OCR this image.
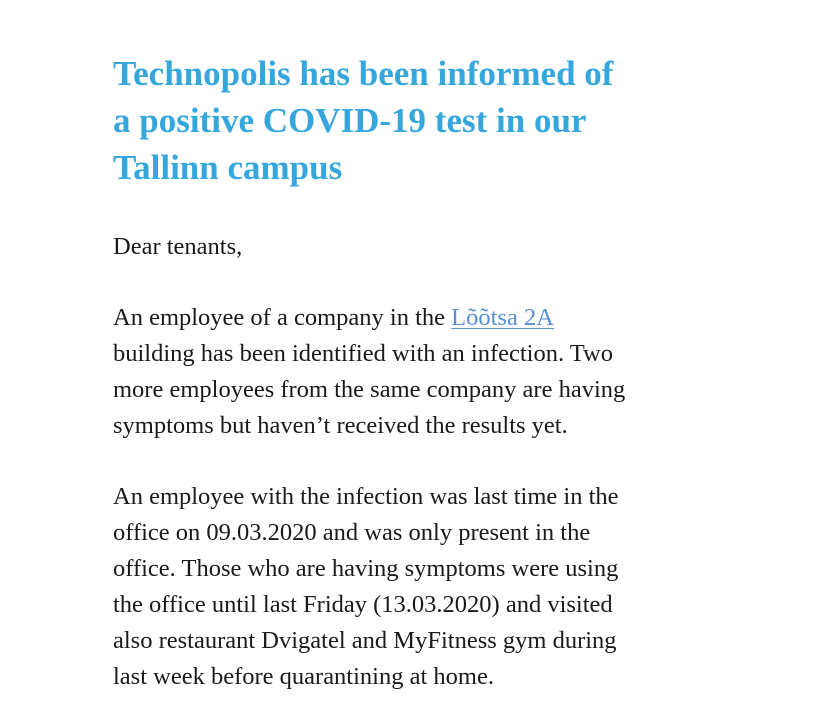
Technopolis has been informed of
a positive COVID-19 test in our
Tallinn campus

Dear tenants,

An employee of a company in the Lõõtsa 2A
building has been identified with an infection. Two
more employees from the same company are having
symptoms but haven’t received the results yet.

An employee with the infection was last time in the
office on 09.03.2020 and was only present in the
office. Those who are having symptoms were using
the office until last Friday (13.03.2020) and visited
also restaurant Dvigatel and MyFitness gym during
last week before quarantining at home.
